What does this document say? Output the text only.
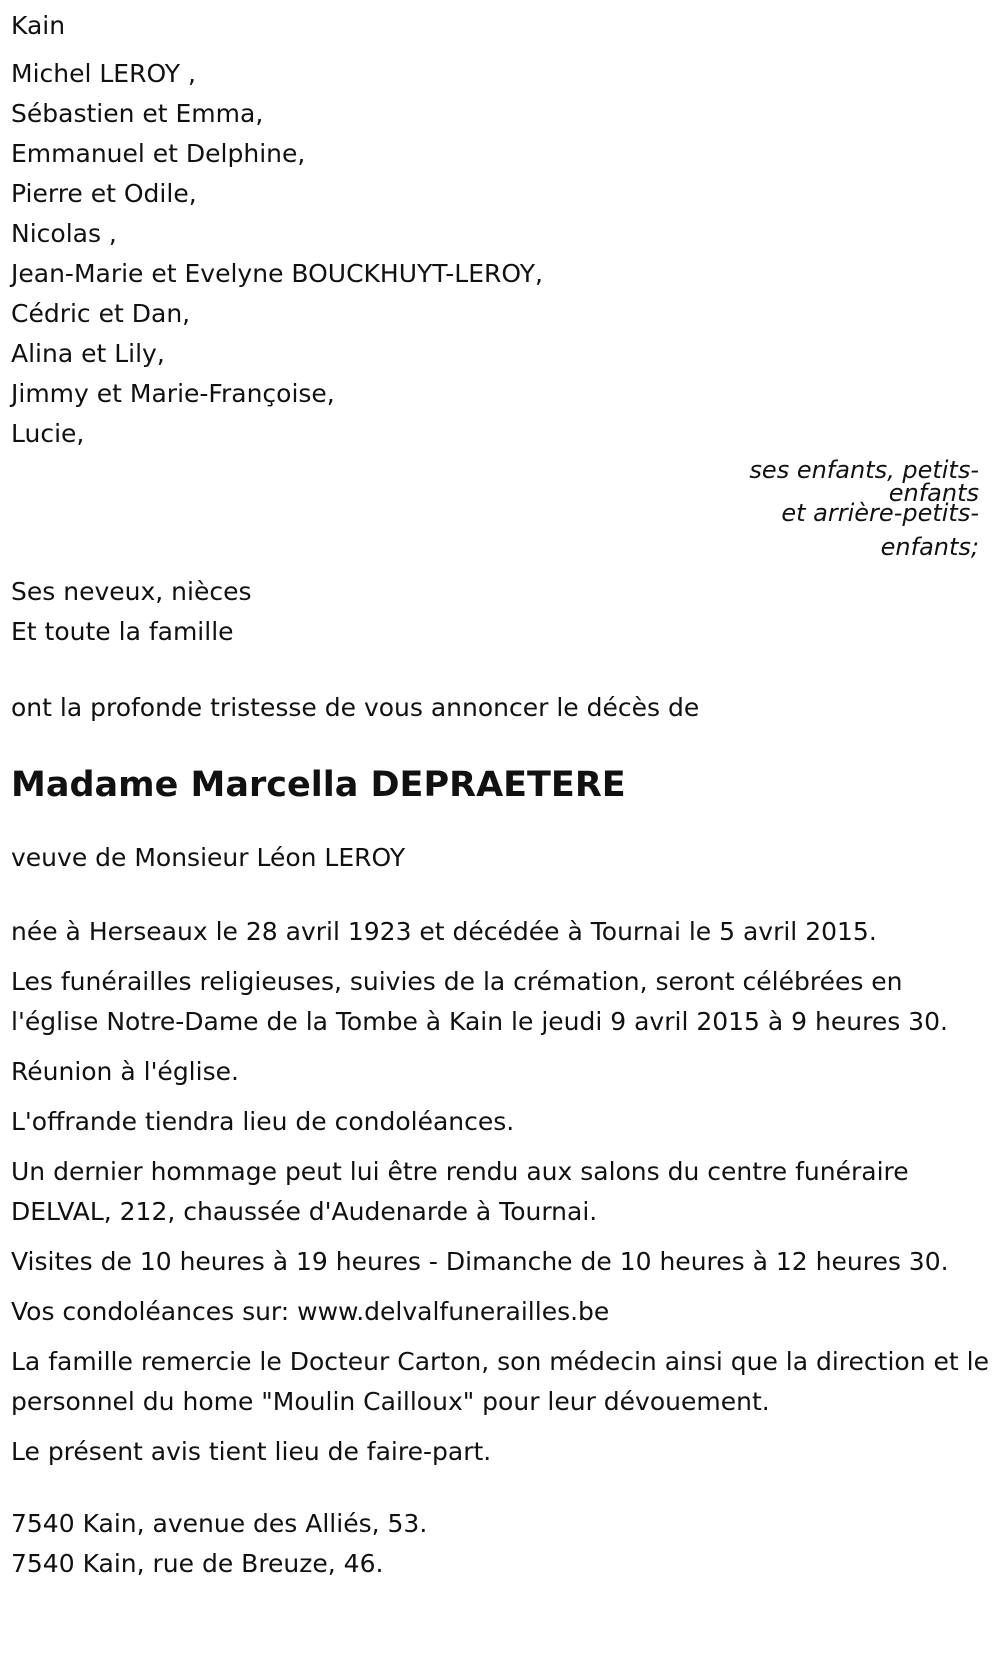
Kain

Michel LEROY ,

Sébastien et Emma,

Emmanuel et Delphine,

Pierre et Odile,

Nicolas ,

Jean-Marie et Evelyne BOUCKHUYT-LEROY,

Cédric et Dan,

Alina et Lily,

Jimmy et Marie-Françoise,

Lucie,

ses enfants, petits-
enfants
et arrière-petits-
enfants;

Ses neveux, nièces

Et toute la famille

ont la profonde tristesse de vous annoncer le décès de

Madame Marcella DEPRAETERE

veuve de Monsieur Léon LEROY

née à Herseaux le 28 avril 1923 et décédée à Tournai le 5 avril 2015.

Les funérailles religieuses, suivies de la crémation, seront célébrées en l'église Notre-Dame de la Tombe à Kain le jeudi 9 avril 2015 à 9 heures 30.

Réunion à l'église.

L'offrande tiendra lieu de condoléances.

Un dernier hommage peut lui être rendu aux salons du centre funéraire DELVAL, 212, chaussée d'Audenarde à Tournai.

Visites de 10 heures à 19 heures - Dimanche de 10 heures à 12 heures 30.

Vos condoléances sur: www.delvalfunerailles.be

La famille remercie le Docteur Carton, son médecin ainsi que la direction et le personnel du home "Moulin Cailloux" pour leur dévouement.

Le présent avis tient lieu de faire-part.

7540 Kain, avenue des Alliés, 53.

7540 Kain, rue de Breuze, 46.
